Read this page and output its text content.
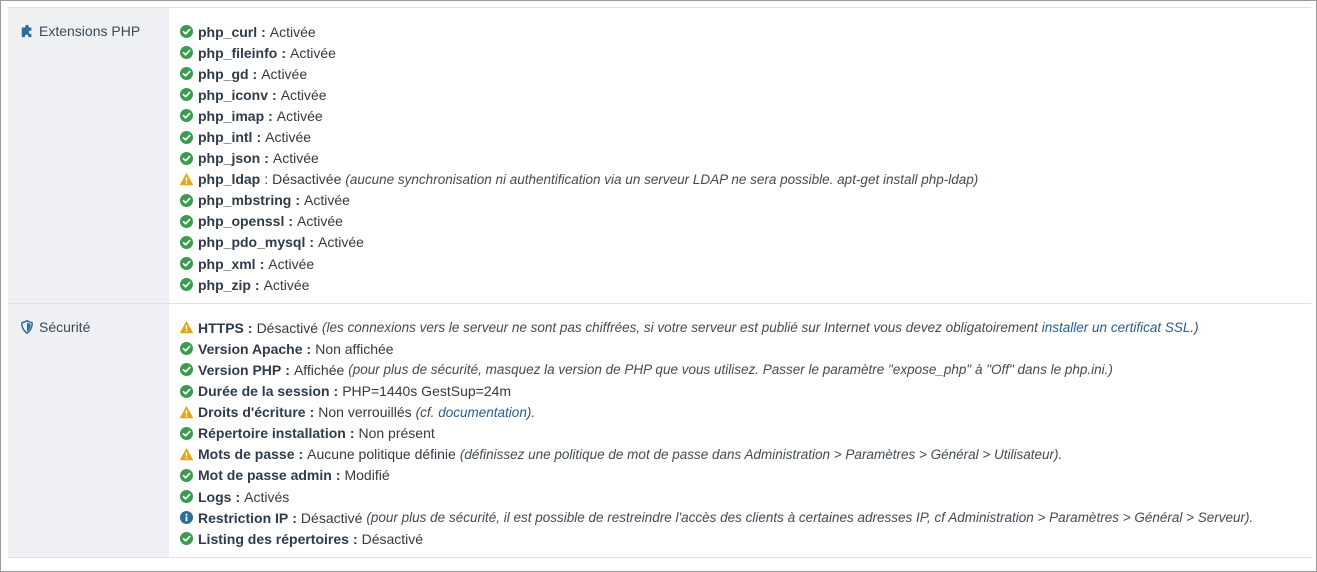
Extensions PHP	php_curl : Activée
php_fileinfo : Activée
php_gd : Activée
php_iconv : Activée
php_imap : Activée
php_intl : Activée
php_json : Activée
php_ldap : Désactivée (aucune synchronisation ni authentification via un serveur LDAP ne sera possible. apt-get install php-ldap)
php_mbstring : Activée
php_openssl : Activée
php_pdo_mysql : Activée
php_xml : Activée
php_zip : Activée
Sécurité	HTTPS : Désactivé (les connexions vers le serveur ne sont pas chiffrées, si votre serveur est publié sur Internet vous devez obligatoirement
installer un certificat SSL .)
Version Apache : Non affichée
Version PHP : Affichée (pour plus de sécurité, masquez la version de PHP que vous utilisez. Passer le paramètre "expose_php" à "Off" dans le php.ini.)
Durée de la session : PHP=1440s GestSup=24m
Droits d'écriture : Non verrouillés (cf.
documentation ).
Répertoire installation : Non présent
Mots de passe : Aucune politique définie (définissez une politique de mot de passe dans Administration > Paramètres > Général > Utilisateur).
Mot de passe admin : Modifié
Logs : Activés
Restriction IP : Désactivé (pour plus de sécurité, il est possible de restreindre l'accès des clients à certaines adresses IP, cf Administration > Paramètres > Général > Serveur).
Listing des répertoires : Désactivé
